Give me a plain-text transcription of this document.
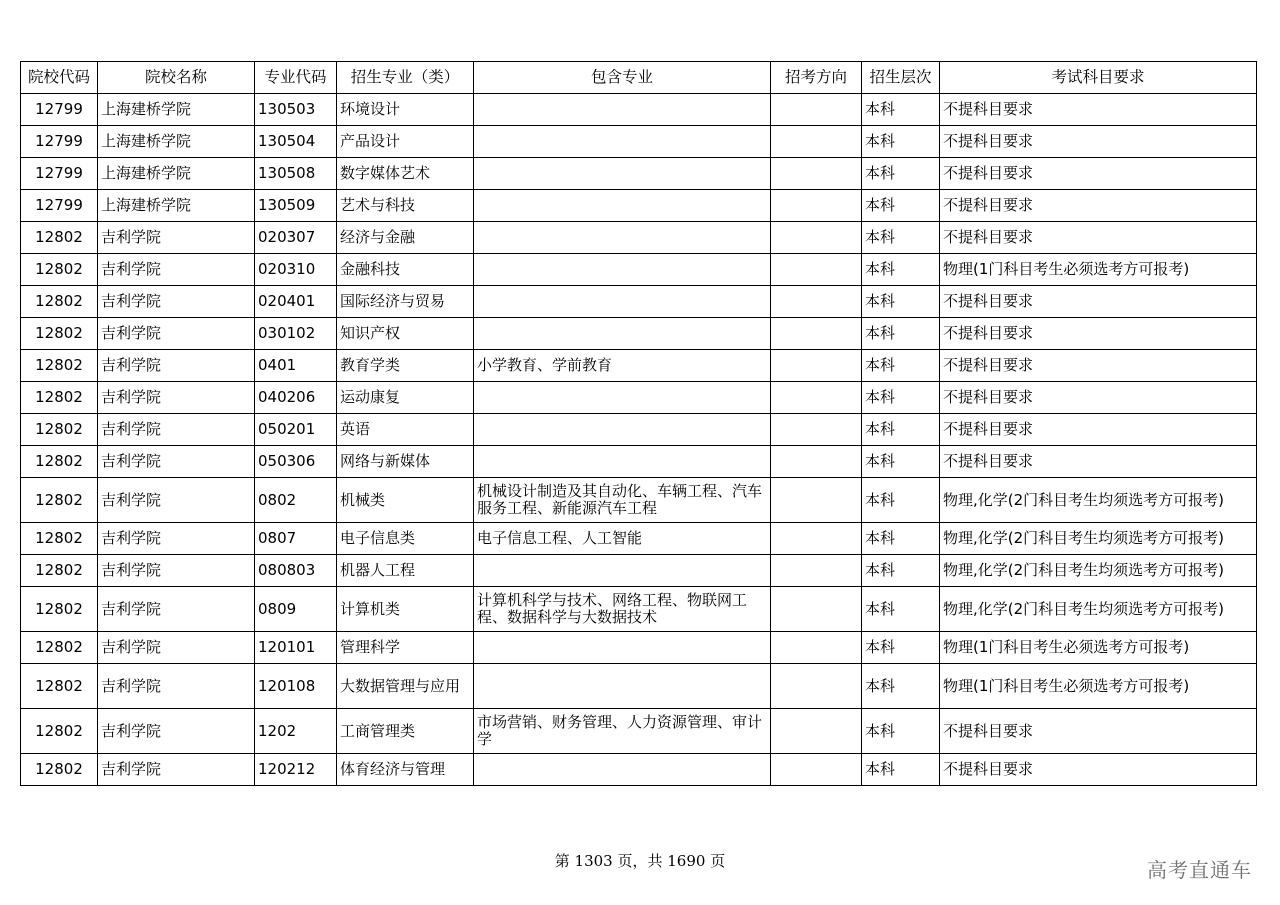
院校代码	院校名称	专业代码	招生专业（类）	包含专业	招考方向	招生层次	考试科目要求
12799	上海建桥学院	130503	环境设计			本科	不提科目要求
12799	上海建桥学院	130504	产品设计			本科	不提科目要求
12799	上海建桥学院	130508	数字媒体艺术			本科	不提科目要求
12799	上海建桥学院	130509	艺术与科技			本科	不提科目要求
12802	吉利学院	020307	经济与金融			本科	不提科目要求
12802	吉利学院	020310	金融科技			本科	物理(1门科目考生必须选考方可报考)
12802	吉利学院	020401	国际经济与贸易			本科	不提科目要求
12802	吉利学院	030102	知识产权			本科	不提科目要求
12802	吉利学院	0401	教育学类	小学教育、学前教育		本科	不提科目要求
12802	吉利学院	040206	运动康复			本科	不提科目要求
12802	吉利学院	050201	英语			本科	不提科目要求
12802	吉利学院	050306	网络与新媒体			本科	不提科目要求
12802	吉利学院	0802	机械类	机械设计制造及其自动化、车辆工程、汽车服务工程、新能源汽车工程		本科	物理,化学(2门科目考生均须选考方可报考)
12802	吉利学院	0807	电子信息类	电子信息工程、人工智能		本科	物理,化学(2门科目考生均须选考方可报考)
12802	吉利学院	080803	机器人工程			本科	物理,化学(2门科目考生均须选考方可报考)
12802	吉利学院	0809	计算机类	计算机科学与技术、网络工程、物联网工程、数据科学与大数据技术		本科	物理,化学(2门科目考生均须选考方可报考)
12802	吉利学院	120101	管理科学			本科	物理(1门科目考生必须选考方可报考)
12802	吉利学院	120108	大数据管理与应用			本科	物理(1门科目考生必须选考方可报考)
12802	吉利学院	1202	工商管理类	市场营销、财务管理、人力资源管理、审计学		本科	不提科目要求
12802	吉利学院	120212	体育经济与管理			本科	不提科目要求
第 1303 页，共 1690 页	高考直通车
